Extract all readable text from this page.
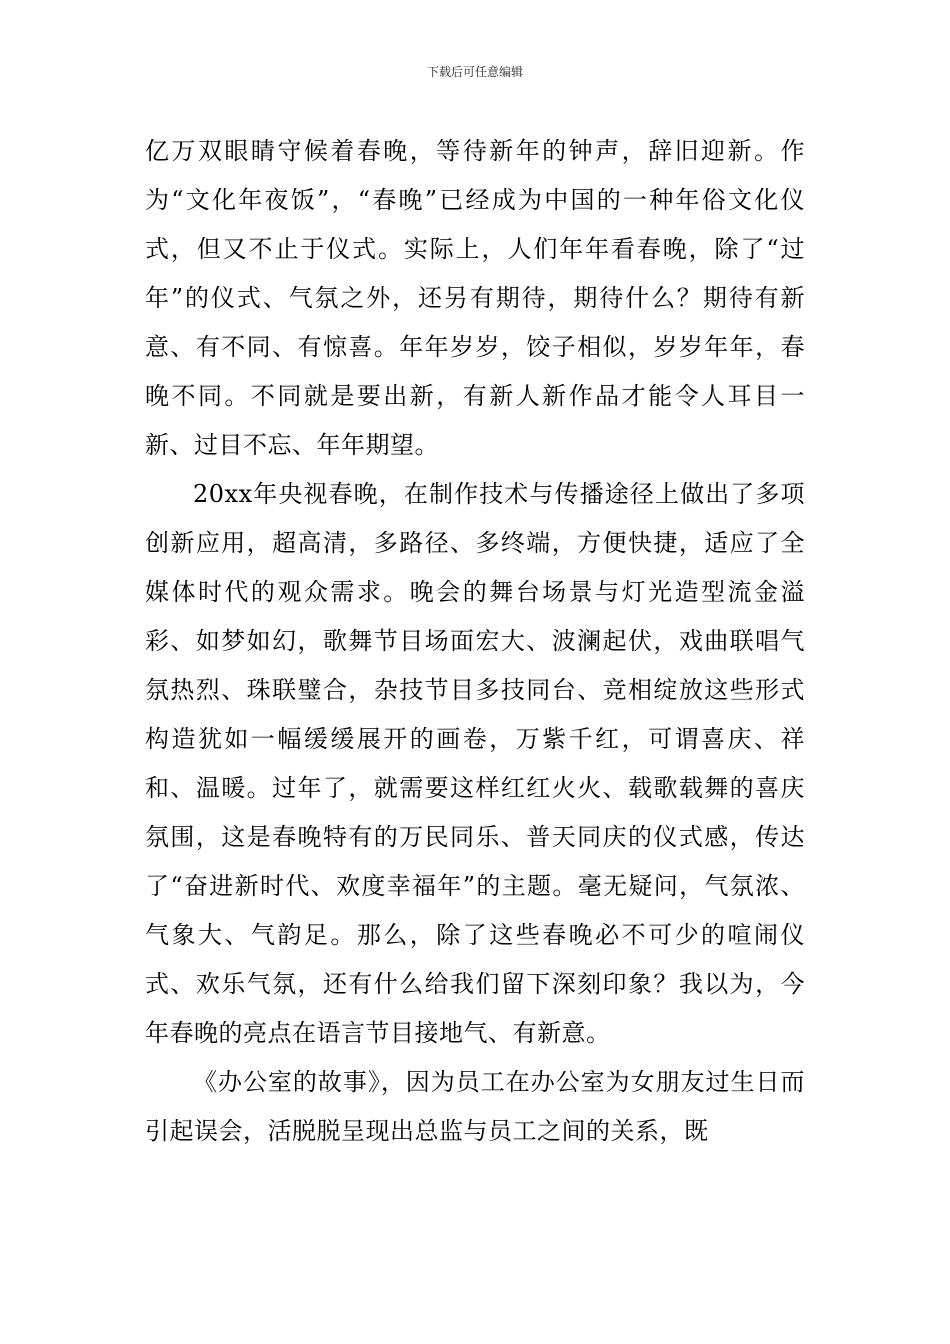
下载后可任意编辑

亿万双眼睛守候着春晚，等待新年的钟声，辞旧迎新。作为“文化年夜饭”，“春晚”已经成为中国的一种年俗文化仪式，但又不止于仪式。实际上，人们年年看春晚，除了“过年”的仪式、气氛之外，还另有期待，期待什么？期待有新意、有不同、有惊喜。年年岁岁，饺子相似，岁岁年年，春晚不同。不同就是要出新，有新人新作品才能令人耳目一新、过目不忘、年年期望。

20xx年央视春晚，在制作技术与传播途径上做出了多项创新应用，超高清，多路径、多终端，方便快捷，适应了全媒体时代的观众需求。晚会的舞台场景与灯光造型流金溢彩、如梦如幻，歌舞节目场面宏大、波澜起伏，戏曲联唱气氛热烈、珠联璧合，杂技节目多技同台、竞相绽放这些形式构造犹如一幅缓缓展开的画卷，万紫千红，可谓喜庆、祥和、温暖。过年了，就需要这样红红火火、载歌载舞的喜庆氛围，这是春晚特有的万民同乐、普天同庆的仪式感，传达了“奋进新时代、欢度幸福年”的主题。毫无疑问，气氛浓、气象大、气韵足。那么，除了这些春晚必不可少的喧闹仪式、欢乐气氛，还有什么给我们留下深刻印象？我以为，今年春晚的亮点在语言节目接地气、有新意。

《办公室的故事》，因为员工在办公室为女朋友过生日而引起误会，活脱脱呈现出总监与员工之间的关系，既
